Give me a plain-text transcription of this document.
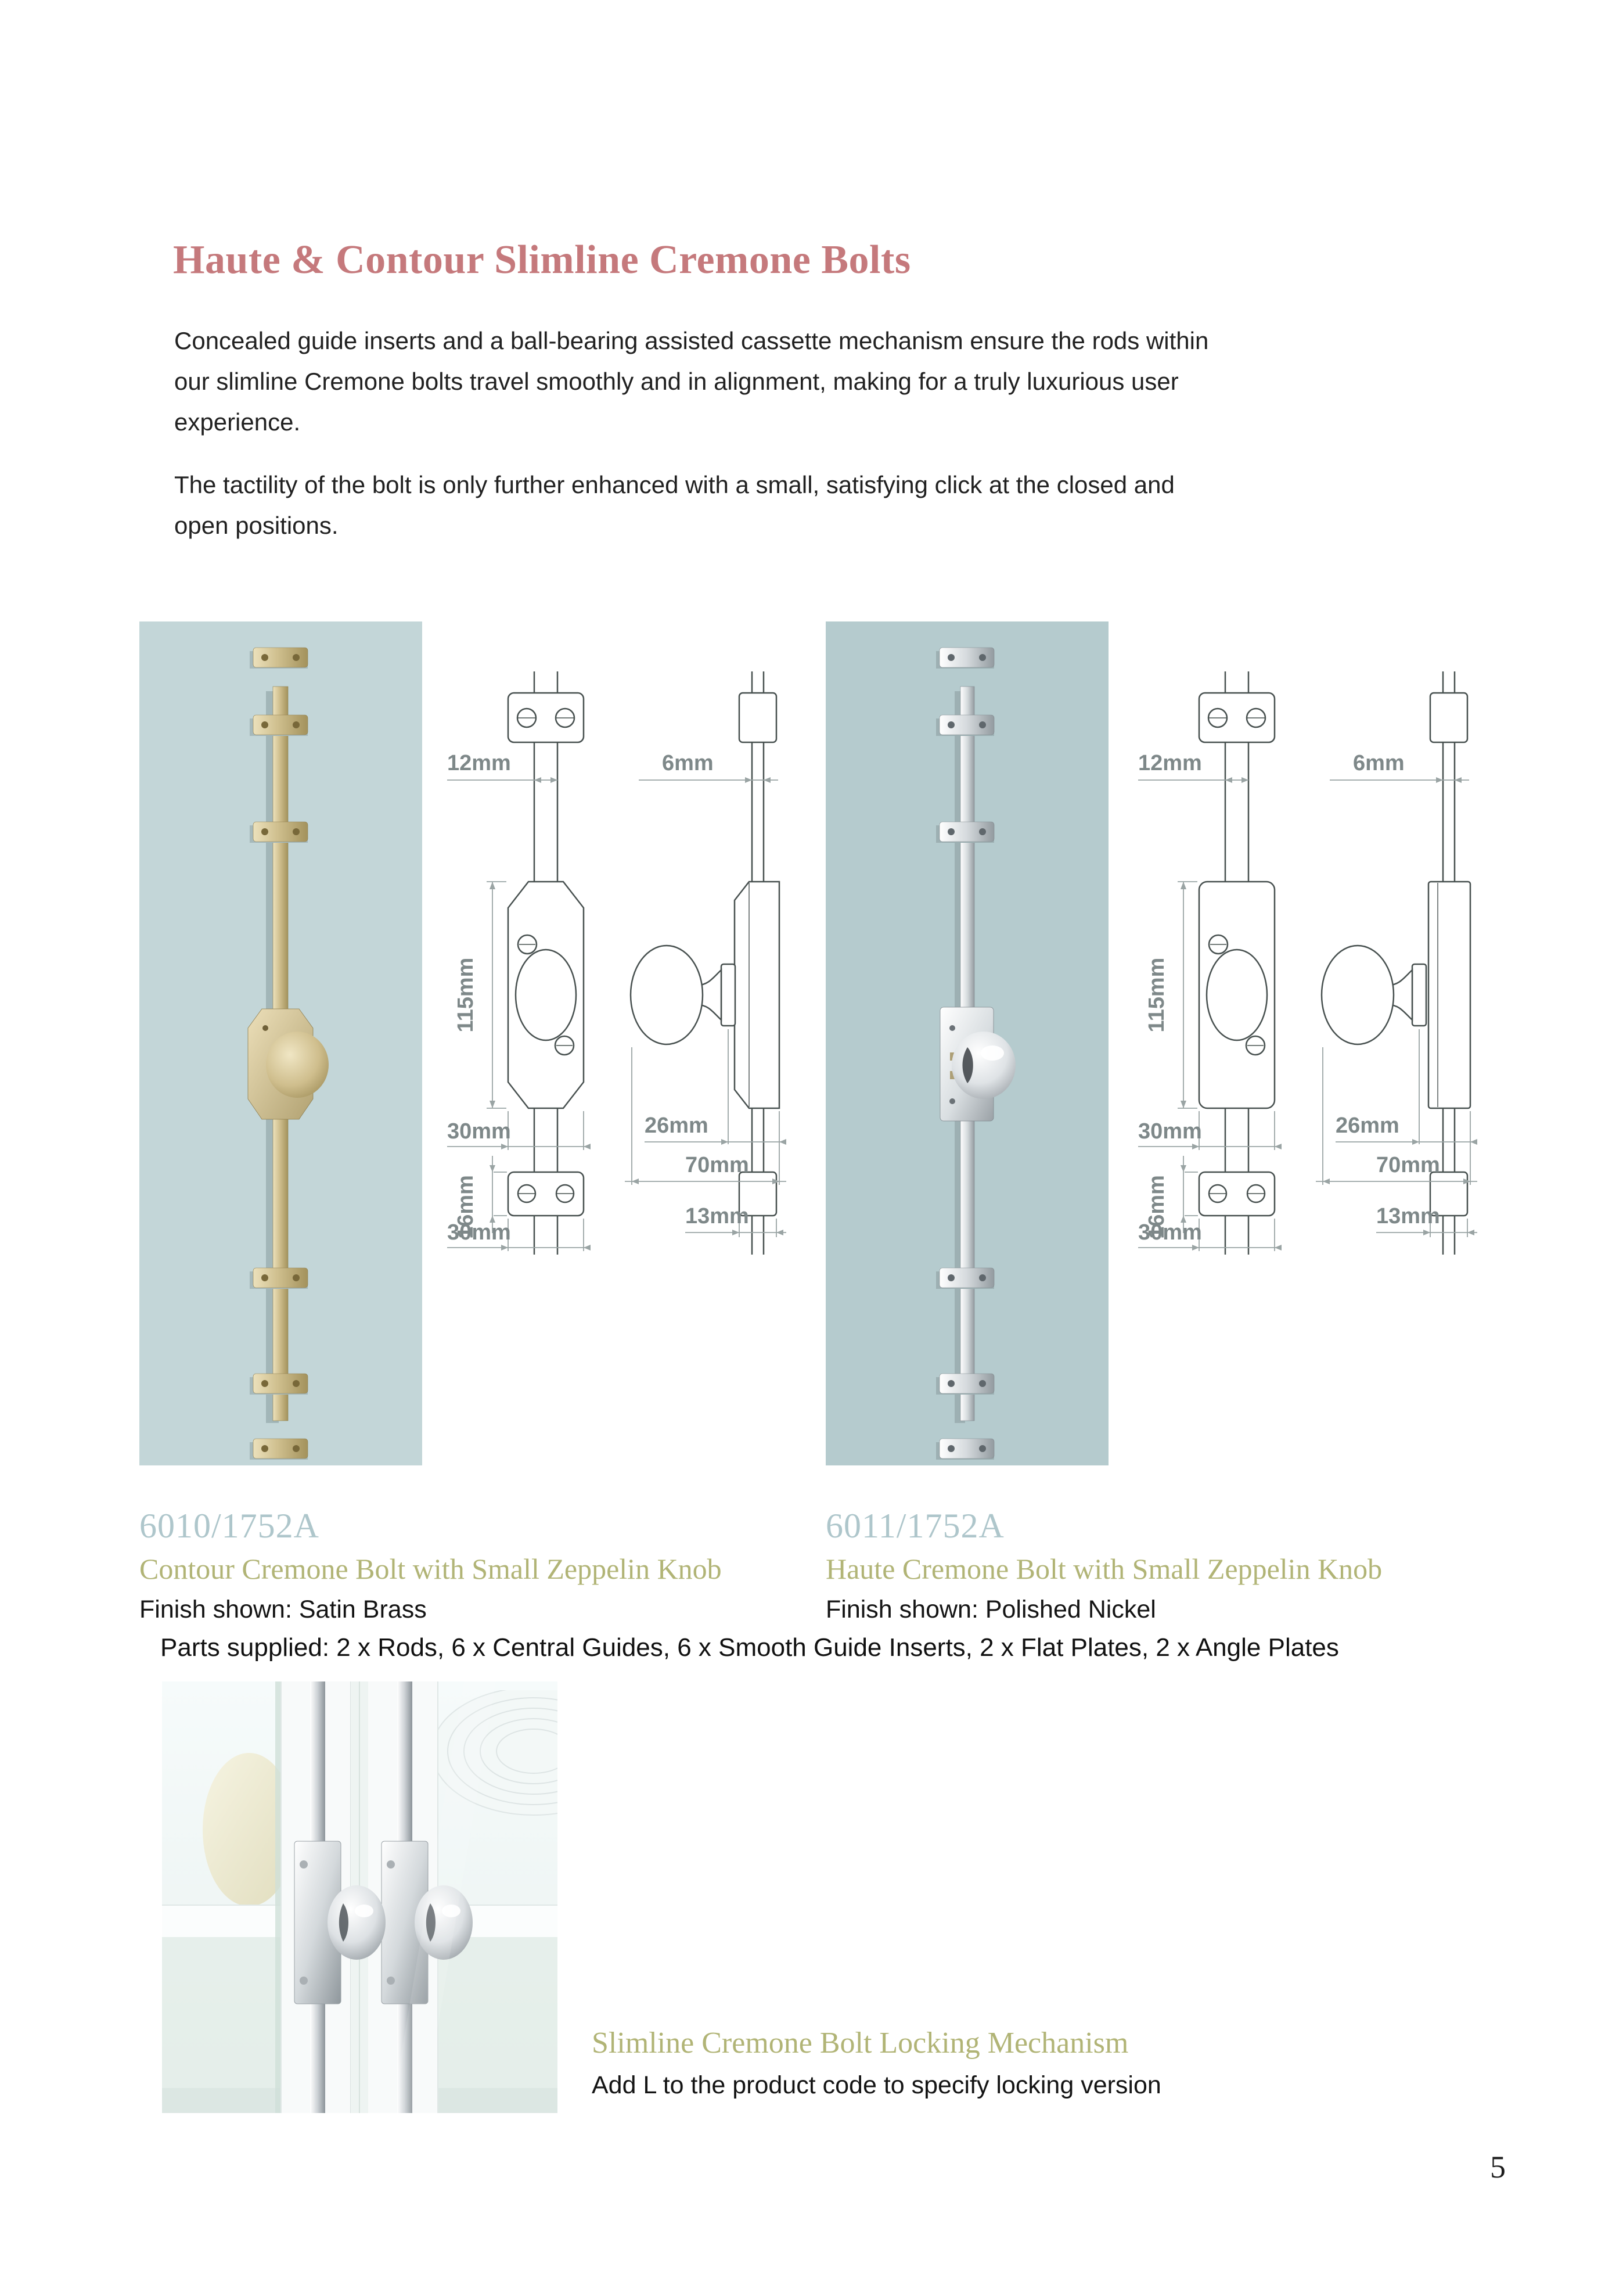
Haute & Contour Slimline Cremone Bolts
Concealed guide inserts and a ball-bearing assisted cassette mechanism ensure the rods within our slimline Cremone bolts travel smoothly and in alignment, making for a truly luxurious user experience.
The tactility of the bolt is only further enhanced with a small, satisfying click at the closed and open positions.
12mm
115mm
30mm
16mm
30mm
6mm
26mm
70mm
13mm
12mm
115mm
30mm
16mm
30mm
6mm
26mm
70mm
13mm
6010/1752A
Contour Cremone Bolt with Small Zeppelin Knob
Finish shown: Satin Brass
6011/1752A
Haute Cremone Bolt with Small Zeppelin Knob
Finish shown: Polished Nickel
Parts supplied: 2 x Rods, 6 x Central Guides, 6 x Smooth Guide Inserts, 2 x Flat Plates, 2 x Angle Plates
Slimline Cremone Bolt Locking Mechanism
Add L to the product code to specify locking version
5
